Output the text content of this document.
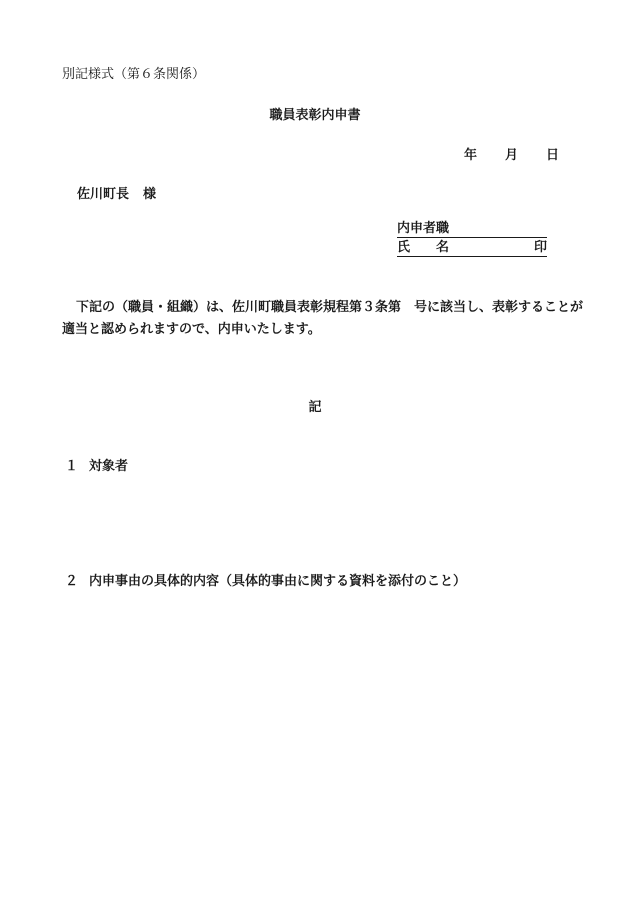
別記様式（第６条関係）
職員表彰内申書
年 月 日
佐川町長 様
内申者職
氏　　名	印
下記の（職員・組織）は、佐川町職員表彰規程第３条第　号に該当し、表彰することが
適当と認められますので、内申いたします。
記
１ 対象者
２ 内申事由の具体的内容（具体的事由に関する資料を添付のこと）
